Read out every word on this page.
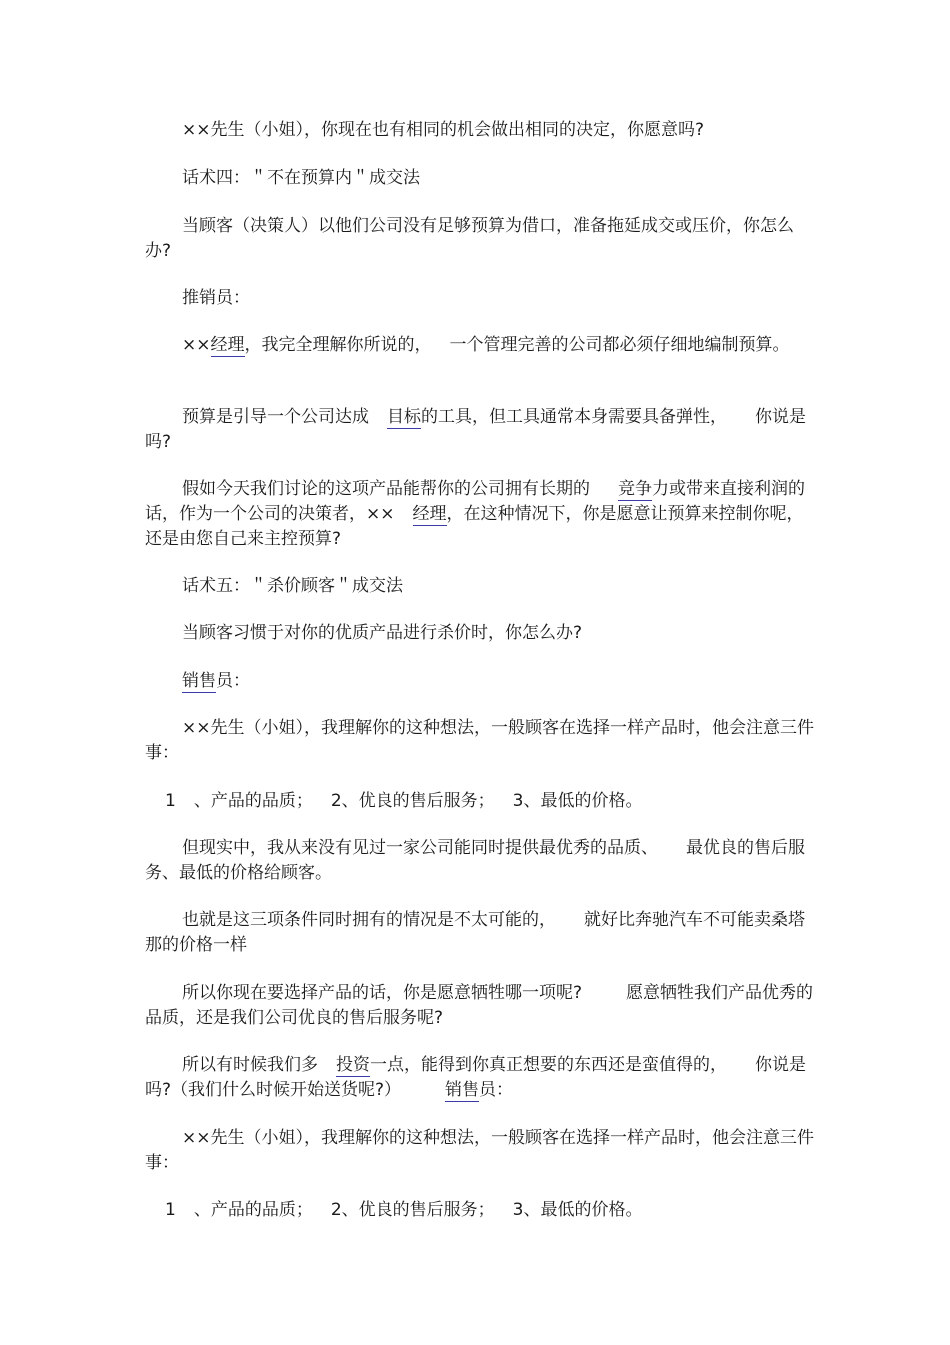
××先生（小姐），你现在也有相同的机会做出相同的决定，你愿意吗?

话术四：＂不在预算内＂成交法

当顾客（决策人）以他们公司没有足够预算为借口，准备拖延成交或压价，你怎么办?

推销员：

××经理，我完全理解你所说的， 一个管理完善的公司都必须仔细地编制预算。

预算是引导一个公司达成 目标的工具，但工具通常本身需要具备弹性， 你说是吗?

假如今天我们讨论的这项产品能帮你的公司拥有长期的 竞争力或带来直接利润的话，作为一个公司的决策者，×× 经理，在这种情况下，你是愿意让预算来控制你呢，还是由您自己来主控预算?

话术五：＂杀价顾客＂成交法

当顾客习惯于对你的优质产品进行杀价时，你怎么办?

销售员：

××先生（小姐），我理解你的这种想法，一般顾客在选择一样产品时，他会注意三件事：

1 、产品的品质； 2、优良的售后服务； 3、最低的价格。

但现实中，我从来没有见过一家公司能同时提供最优秀的品质、 最优良的售后服务、最低的价格给顾客。

也就是这三项条件同时拥有的情况是不太可能的， 就好比奔驰汽车不可能卖桑塔那的价格一样

所以你现在要选择产品的话，你是愿意牺牲哪一项呢?	愿意牺牲我们产品优秀的品质，还是我们公司优良的售后服务呢?

所以有时候我们多 投资一点，能得到你真正想要的东西还是蛮值得的， 你说是吗?（我们什么时候开始送货呢?）	销售员：

××先生（小姐），我理解你的这种想法，一般顾客在选择一样产品时，他会注意三件事：

1 、产品的品质； 2、优良的售后服务； 3、最低的价格。
